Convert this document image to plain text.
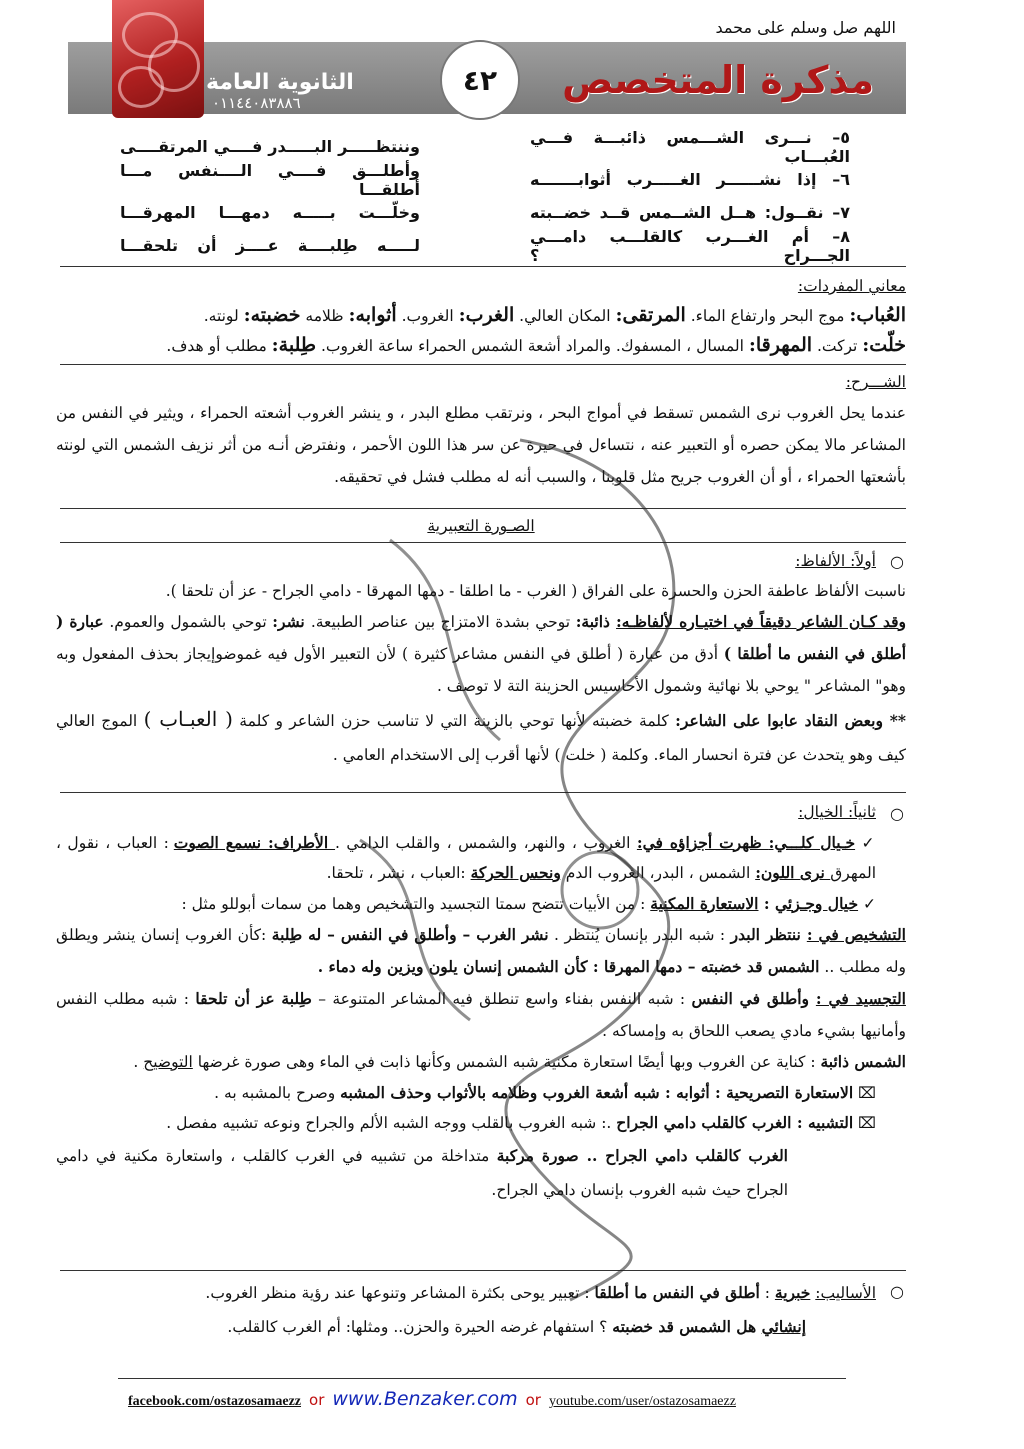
اللهم صل وسلم على محمد
الثانوية العامة
٠١١٤٤٠٨٣٨٨٦
مذكرة المتخصص
٤٢
٥– نـــرى الشـــمس ذائبـــة فـــي العُبـــاب
وننتظـــــر البـــــدر فــــي المرتقــــى
٦– إذا نشــــــر الغـــــرب أثوابـــــــه
وأطلـــق فــــي الــــنفس مـــا أطلقـــا
٧– نقــول: هــل الشــمس قــد خضــبته
وخلّـــت بـــــه دمهـــا المهرقـــا
٨– أم الغـــرب كالقلـــب دامـــي الجـــراح ؟
لـــــه طِلبــــة عــــز أن تلحقـــا

معاني المفردات:

العُباب: موج البحر وارتفاع الماء. المرتقى: المكان العالي. الغرب: الغروب. أثوابه: ظلامه خضبته: لونته.

خلّت: تركت. المهرقا: المسال ، المسفوك. والمراد أشعة الشمس الحمراء ساعة الغروب. طِلبة: مطلب أو هدف.

الشـــرح:

عندما يحل الغروب نرى الشمس تسقط في أمواج البحر ، ونرتقب مطلع البدر ، و ينشر الغروب أشعته الحمراء ، ويثير في النفس من المشاعر مالا يمكن حصره أو التعبير عنه ، نتساءل في حيرة عن سر هذا اللون الأحمر ، ونفترض أنـه من أثر نزيف الشمس التي لونته بأشعتها الحمراء ، أو أن الغروب جريح مثل قلوبنا ، والسبب أنه له مطلب فشل في تحقيقه.

الصـورة التعبيرية

○

أولاً: الألفاظ:

ناسبت الألفاظ عاطفة الحزن والحسرة على الفراق ( الغرب - ما اطلقا - دمها المهرقا - دامي الجراح - عز أن تلحقا ).

وقد كـان الشاعر دقيقاً في اختيـاره لألفاظـه: ذائبة: توحي بشدة الامتزاج بين عناصر الطبيعة. نشر: توحي بالشمول والعموم. عبارة ( أطلق في النفس ما أطلقا ) أدق من عبارة ( أطلق في النفس مشاعر كثيرة ) لأن التعبير الأول فيه غموضوإيجاز بحذف المفعول وبه وهو" المشاعر " يوحي بلا نهائية وشمول الأحاسيس الحزينة التة لا توصف .

** وبعض النقاد عابوا على الشاعر: كلمة خضبته لأنها توحي بالزينة التي لا تناسب حزن الشاعر و كلمة ( العبـاب ) الموج العالي كيف وهو يتحدث عن فترة انحسار الماء. وكلمة ( خلت ) لأنها أقرب إلى الاستخدام العامي .

○

ثانياً: الخيال:

✓ خـيال كلـــي: ظهرت أجزاؤه في: الغروب ، والنهر، والشمس ، والقلب الدامي . الأطراف: نسمع الصوت : العباب ، نقول ، المهرق نرى اللون: الشمس ، البدر، الغروب الدم ونحس الحركة :العباب ، نشر ، تلحقا.

✓ خيال وجـزئي : الاستعارة المكنية : من الأبيات تتضح سمتا التجسيد والتشخيص وهما من سمات أبوللو مثل :

التشخيص في : ننتظر البدر : شبه البدر بإنسان يُنتظر . نشر الغرب – وأطلق في النفس – له طِلبة :كأن الغروب إنسان ينشر ويطلق وله مطلب .. الشمس قد خضبته – دمها المهرقا : كأن الشمس إنسان يلون ويزين وله دماء .

التجسيد في : وأطلق في النفس : شبه النفس بفناء واسع تنطلق فيه المشاعر المتنوعة – طِلبة عز أن تلحقا : شبه مطلب النفس وأمانيها بشيء مادي يصعب اللحاق به وإمساكه .

الشمس ذائبة : كناية عن الغروب وبها أيضًا استعارة مكنية شبه الشمس وكأنها ذابت في الماء وهى صورة غرضها التوضيح .

⌧ الاستعارة التصريحية : أثوابه : شبه أشعة الغروب وظلامه بالأثواب وحذف المشبه وصرح بالمشبه به .

⌧ التشبيه : الغرب كالقلب دامي الجراح .: شبه الغروب بالقلب ووجه الشبه الألم والجراح ونوعه تشبيه مفصل .

الغرب كالقلب دامي الجراح .. صورة مركبة متداخلة من تشبيه في الغرب كالقلب ، واستعارة مكنية في دامي الجراح حيث شبه الغروب بإنسان دامي الجراح.

○

الأساليب: خبرية : أطلق في النفس ما أطلقا : تعبير يوحى بكثرة المشاعر وتنوعها عند رؤية منظر الغروب.

إنشائي هل الشمس قد خضبته ؟ استفهام غرضه الحيرة والحزن.. ومثلها: أم الغرب كالقلب.

facebook.com/ostazosamaezz or www.Benzaker.com or youtube.com/user/ostazosamaezz
